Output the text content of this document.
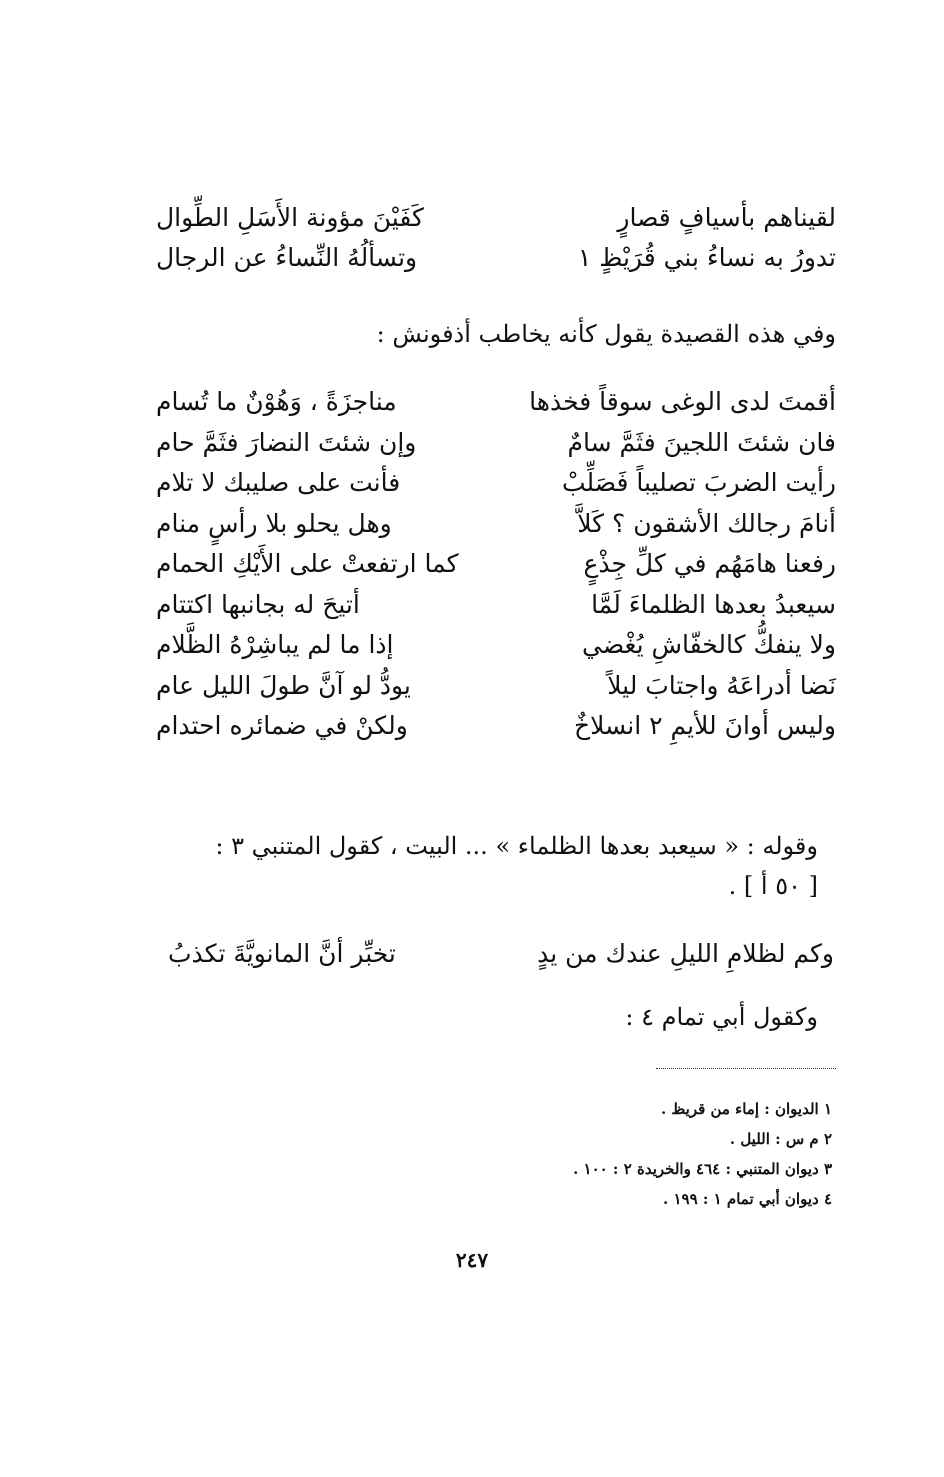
لقيناهم بأسيافٍ قصارٍ
كَفَيْنَ مؤونة الأَسَلِ الطِّوال
تدورُ به نساءُ بني قُرَيْظٍ ١
وتسألُهُ النِّساءُ عن الرجال
وفي هذه القصيدة يقول كأنه يخاطب أذفونش :
أقمتَ لدى الوغى سوقاً فخذها
مناجزَةً ، وَهُوْنٌ ما تُسام
فان شئتَ اللجينَ فثَمَّ سامٌ
وإن شئتَ النضارَ فثَمَّ حام
رأيت الضربَ تصليباً فَصَلِّبْ
فأنت على صليبك لا تلام
أنامَ رجالك الأشقون ؟ كَلاَّ
وهل يحلو بلا رأسٍ منام
رفعنا هامَهُم في كلِّ جِذْعٍ
كما ارتفعتْ على الأَيْكِ الحمام
سيعبدُ بعدها الظلماءَ لَمَّا
أتيحَ له بجانبها اكتتام
ولا ينفكُّ كالخفّاشِ يُغْضي
إذا ما لم يباشِرْهُ الظَّلام
نَضا أدراعَهُ واجتابَ ليلاً
يودُّ لو آنَّ طولَ الليل عام
وليس أوانَ للأيمِ ٢ انسلاخٌ
ولكنْ في ضمائره احتدام
وقوله : « سيعبد بعدها الظلماء » ... البيت ، كقول المتنبي ٣ :
[ ٥٠ أ ] .
وكم لظلامِ الليلِ عندك من يدٍ
تخبِّر أنَّ المانويَّةَ تكذبُ
وكقول أبي تمام ٤ :
١ الديوان : إماء من قريظ .
٢ م س : الليل .
٣ ديوان المتنبي : ٤٦٤ والخريدة ٢ : ١٠٠ .
٤ ديوان أبي تمام ١ : ١٩٩ .
٢٤٧
